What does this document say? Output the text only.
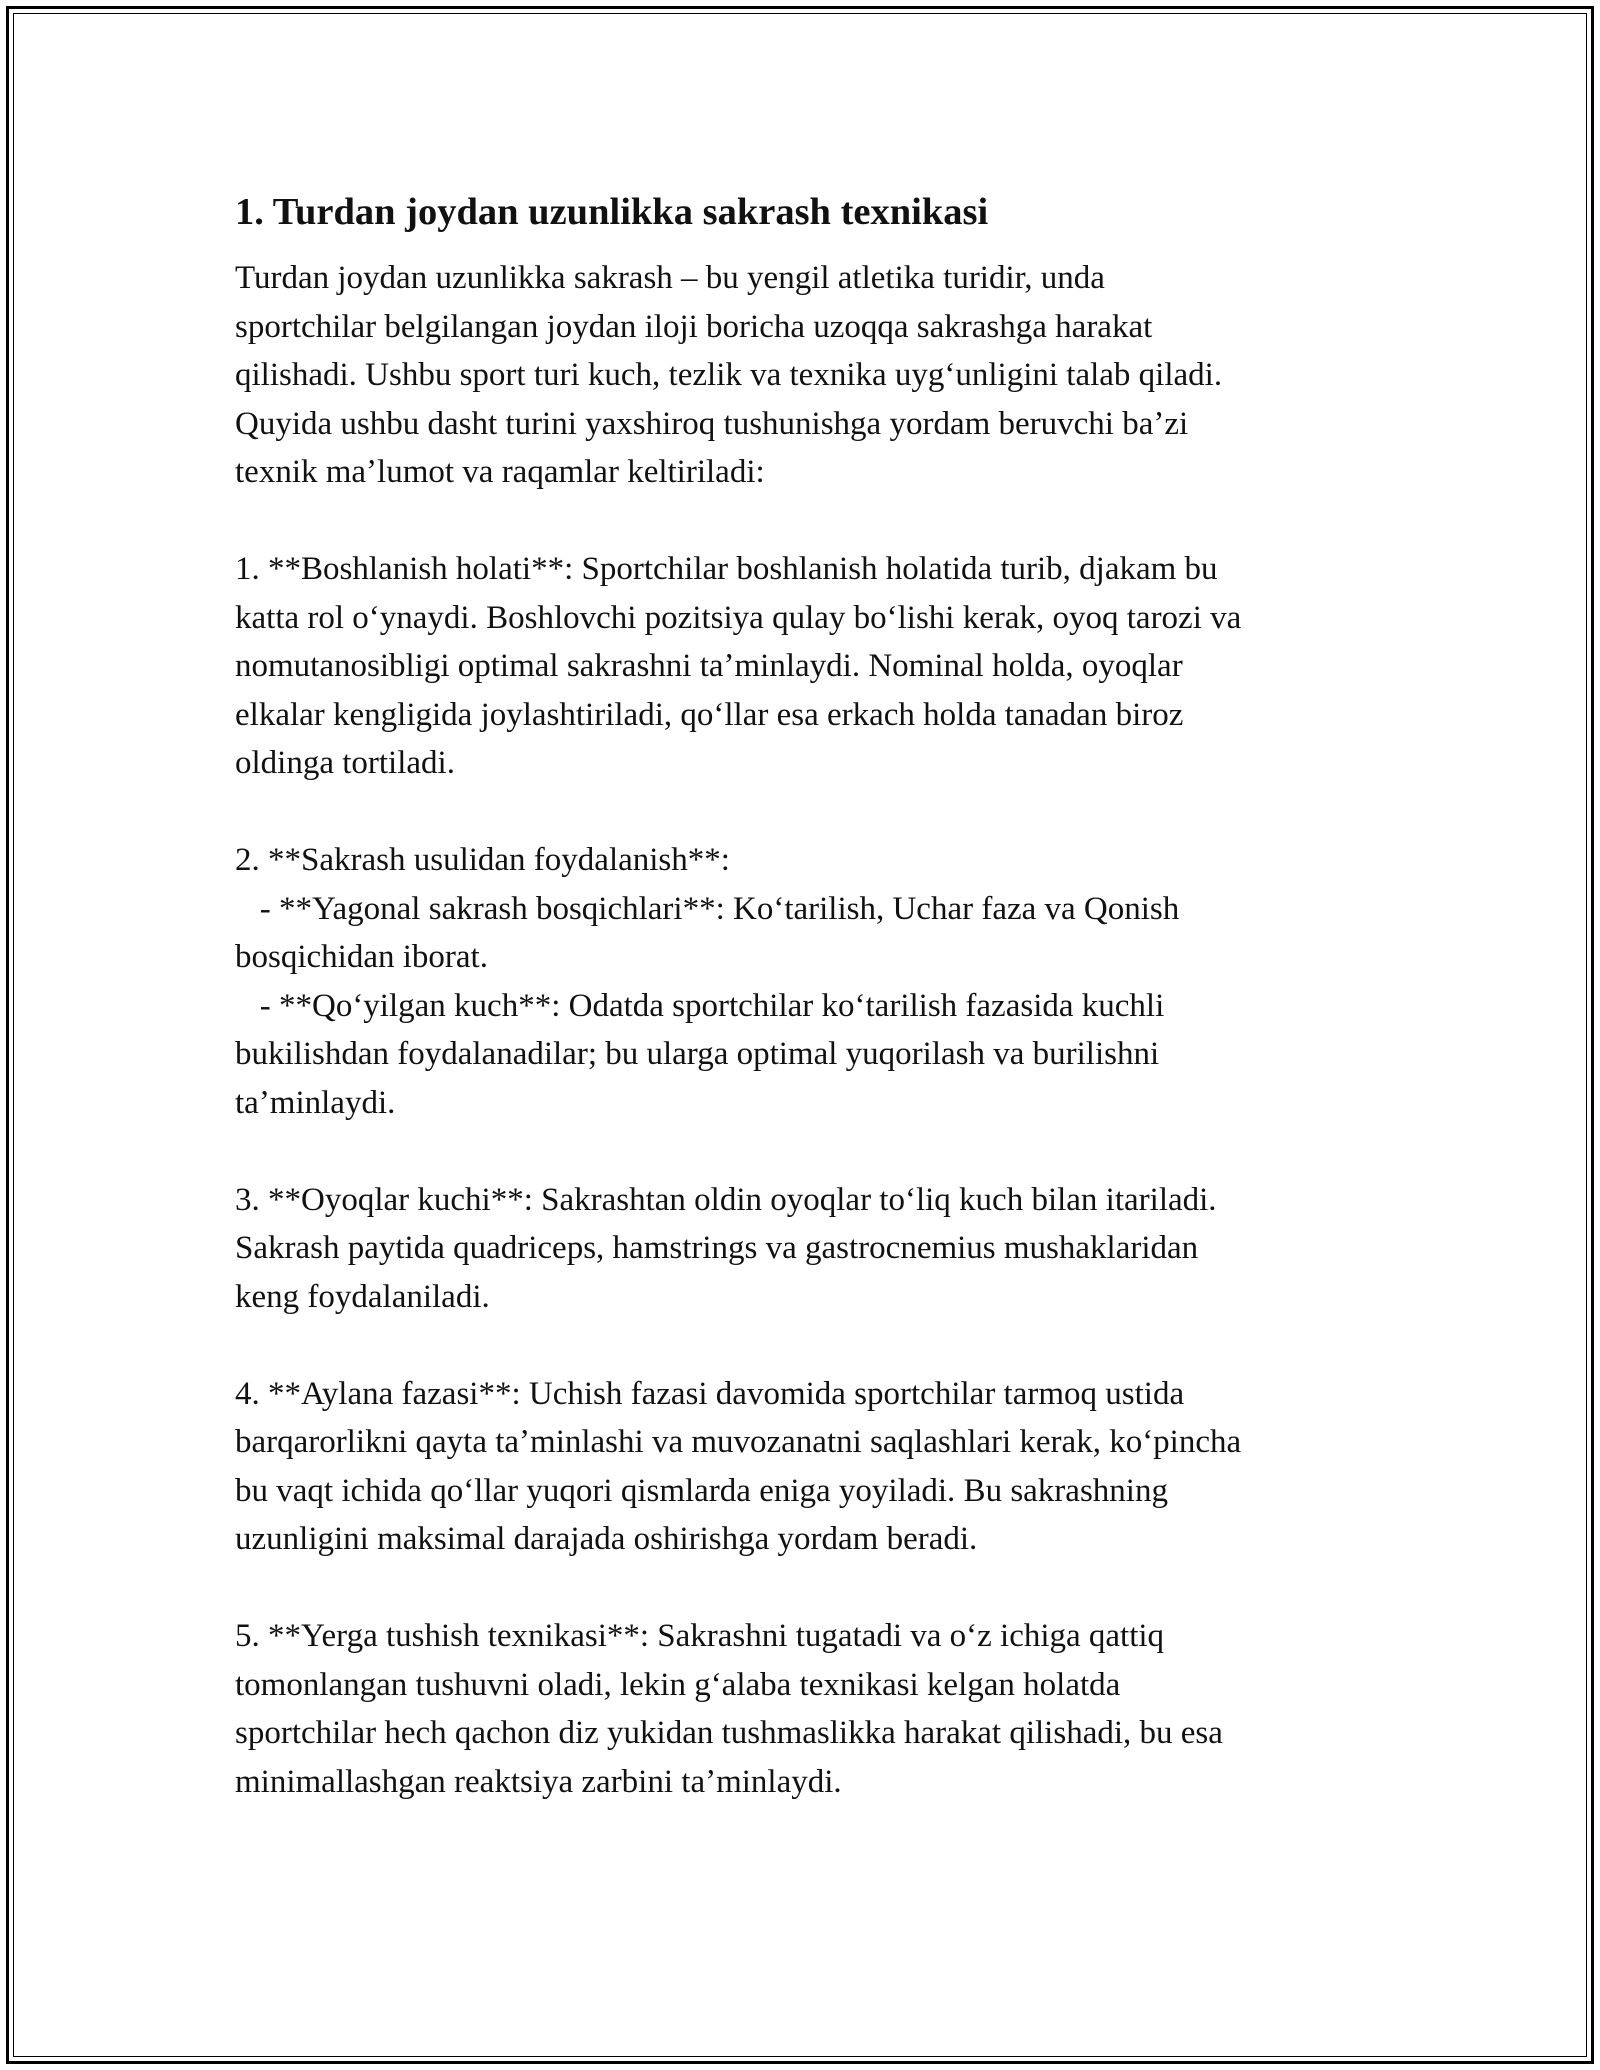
1. Turdan joydan uzunlikka sakrash texnikasi

Turdan joydan uzunlikka sakrash – bu yengil atletika turidir, unda
sportchilar belgilangan joydan iloji boricha uzoqqa sakrashga harakat
qilishadi. Ushbu sport turi kuch, tezlik va texnika uygʻunligini talab qiladi.
Quyida ushbu dasht turini yaxshiroq tushunishga yordam beruvchi baʼzi
texnik maʼlumot va raqamlar keltiriladi:

1. **Boshlanish holati**: Sportchilar boshlanish holatida turib, djakam bu
katta rol oʻynaydi. Boshlovchi pozitsiya qulay boʻlishi kerak, oyoq tarozi va
nomutanosibligi optimal sakrashni taʼminlaydi. Nominal holda, oyoqlar
elkalar kengligida joylashtiriladi, qoʻllar esa erkach holda tanadan biroz
oldinga tortiladi.

2. **Sakrash usulidan foydalanish**:
- **Yagonal sakrash bosqichlari**: Koʻtarilish, Uchar faza va Qonish
bosqichidan iborat.
- **Qoʻyilgan kuch**: Odatda sportchilar koʻtarilish fazasida kuchli
bukilishdan foydalanadilar; bu ularga optimal yuqorilash va burilishni
taʼminlaydi.

3. **Oyoqlar kuchi**: Sakrashtan oldin oyoqlar toʻliq kuch bilan itariladi.
Sakrash paytida quadriceps, hamstrings va gastrocnemius mushaklaridan
keng foydalaniladi.

4. **Aylana fazasi**: Uchish fazasi davomida sportchilar tarmoq ustida
barqarorlikni qayta taʼminlashi va muvozanatni saqlashlari kerak, koʻpincha
bu vaqt ichida qoʻllar yuqori qismlarda eniga yoyiladi. Bu sakrashning
uzunligini maksimal darajada oshirishga yordam beradi.

5. **Yerga tushish texnikasi**: Sakrashni tugatadi va oʻz ichiga qattiq
tomonlangan tushuvni oladi, lekin gʻalaba texnikasi kelgan holatda
sportchilar hech qachon diz yukidan tushmaslikka harakat qilishadi, bu esa
minimallashgan reaktsiya zarbini taʼminlaydi.
